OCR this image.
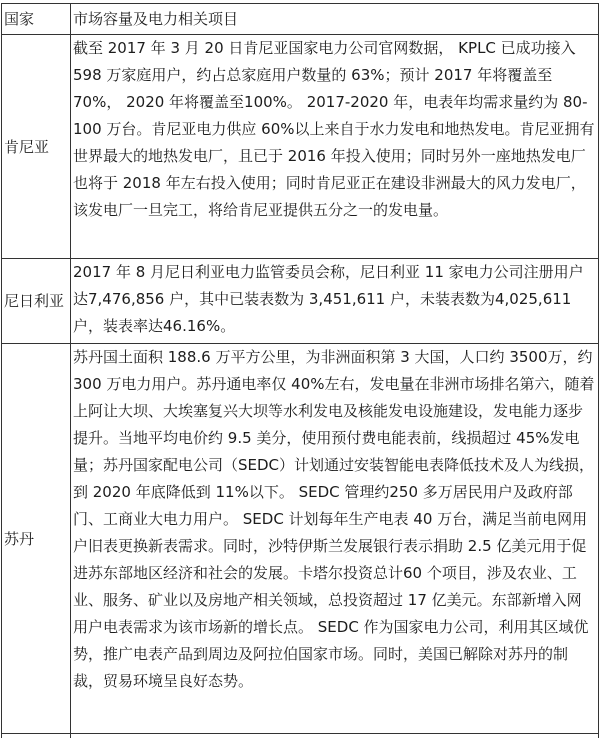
国家	市场容量及电力相关项目
肯尼亚	截至 2017 年 3 月 20 日肯尼亚国家电力公司官网数据， KPLC 已成功接入 598 万家庭用户，约占总家庭用户数量的 63%；预计 2017 年将覆盖至 70%， 2020 年将覆盖至100%。 2017-2020 年，电表年均需求量约为 80-100 万台。肯尼亚电力供应 60%以上来自于水力发电和地热发电。肯尼亚拥有世界最大的地热发电厂，且已于 2016 年投入使用；同时另外一座地热发电厂也将于 2018 年左右投入使用；同时肯尼亚正在建设非洲最大的风力发电厂，该发电厂一旦完工，将给肯尼亚提供五分之一的发电量。
尼日利亚	2017 年 8 月尼日利亚电力监管委员会称，尼日利亚 11 家电力公司注册用户达7,476,856 户，其中已装表数为 3,451,611 户，未装表数为4,025,611 户，装表率达46.16%。
苏丹	苏丹国土面积 188.6 万平方公里，为非洲面积第 3 大国，人口约 3500万，约 300 万电力用户。苏丹通电率仅 40%左右，发电量在非洲市场排名第六，随着上阿让大坝、大埃塞复兴大坝等水利发电及核能发电设施建设，发电能力逐步提升。当地平均电价约 9.5 美分，使用预付费电能表前，线损超过 45%发电量；苏丹国家配电公司（SEDC）计划通过安装智能电表降低技术及人为线损，到 2020 年底降低到 11%以下。 SEDC 管理约250 多万居民用户及政府部门、工商业大电力用户。 SEDC 计划每年生产电表 40 万台，满足当前电网用户旧表更换新表需求。同时，沙特伊斯兰发展银行表示捐助 2.5 亿美元用于促进苏东部地区经济和社会的发展。卡塔尔投资总计60 个项目，涉及农业、工业、服务、矿业以及房地产相关领域，总投资超过 17 亿美元。东部新增入网用户电表需求为该市场新的增长点。 SEDC 作为国家电力公司，利用其区域优势，推广电表产品到周边及阿拉伯国家市场。同时，美国已解除对苏丹的制裁，贸易环境呈良好态势。
